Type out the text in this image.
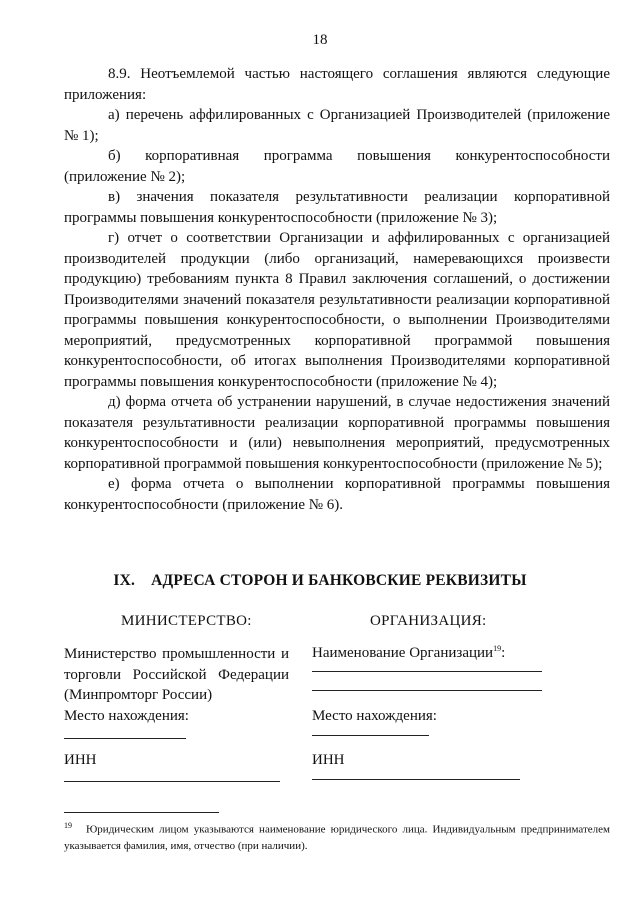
18

8.9. Неотъемлемой частью настоящего соглашения являются следующие приложения:

а) перечень аффилированных с Организацией Производителей (приложение № 1);

б) корпоративная программа повышения конкурентоспособности (приложение № 2);

в) значения показателя результативности реализации корпоративной программы повышения конкурентоспособности (приложение № 3);

г) отчет о соответствии Организации и аффилированных с организацией производителей продукции (либо организаций, намеревающихся произвести продукцию) требованиям пункта 8 Правил заключения соглашений, о достижении Производителями значений показателя результативности реализации корпоративной программы повышения конкурентоспособности, о выполнении Производителями мероприятий, предусмотренных корпоративной программой повышения конкурентоспособности, об итогах выполнения Производителями корпоративной программы повышения конкурентоспособности (приложение № 4);

д) форма отчета об устранении нарушений, в случае недостижения значений показателя результативности реализации корпоративной программы повышения конкурентоспособности и (или) невыполнения мероприятий, предусмотренных корпоративной программой повышения конкурентоспособности (приложение № 5);

е) форма отчета о выполнении корпоративной программы повышения конкурентоспособности (приложение № 6).

IX. АДРЕСА СТОРОН И БАНКОВСКИЕ РЕКВИЗИТЫ
МИНИСТЕРСТВО:	ОРГАНИЗАЦИЯ:
Министерство промышленности и торговли Российской Федерации (Минпромторг России)
Наименование Организации$^{19}$:
Место нахождения:	Место нахождения:
ИНН	ИНН
$^{19}$ Юридическим лицом указываются наименование юридического лица. Индивидуальным предпринимателем указывается фамилия, имя, отчество (при наличии).
